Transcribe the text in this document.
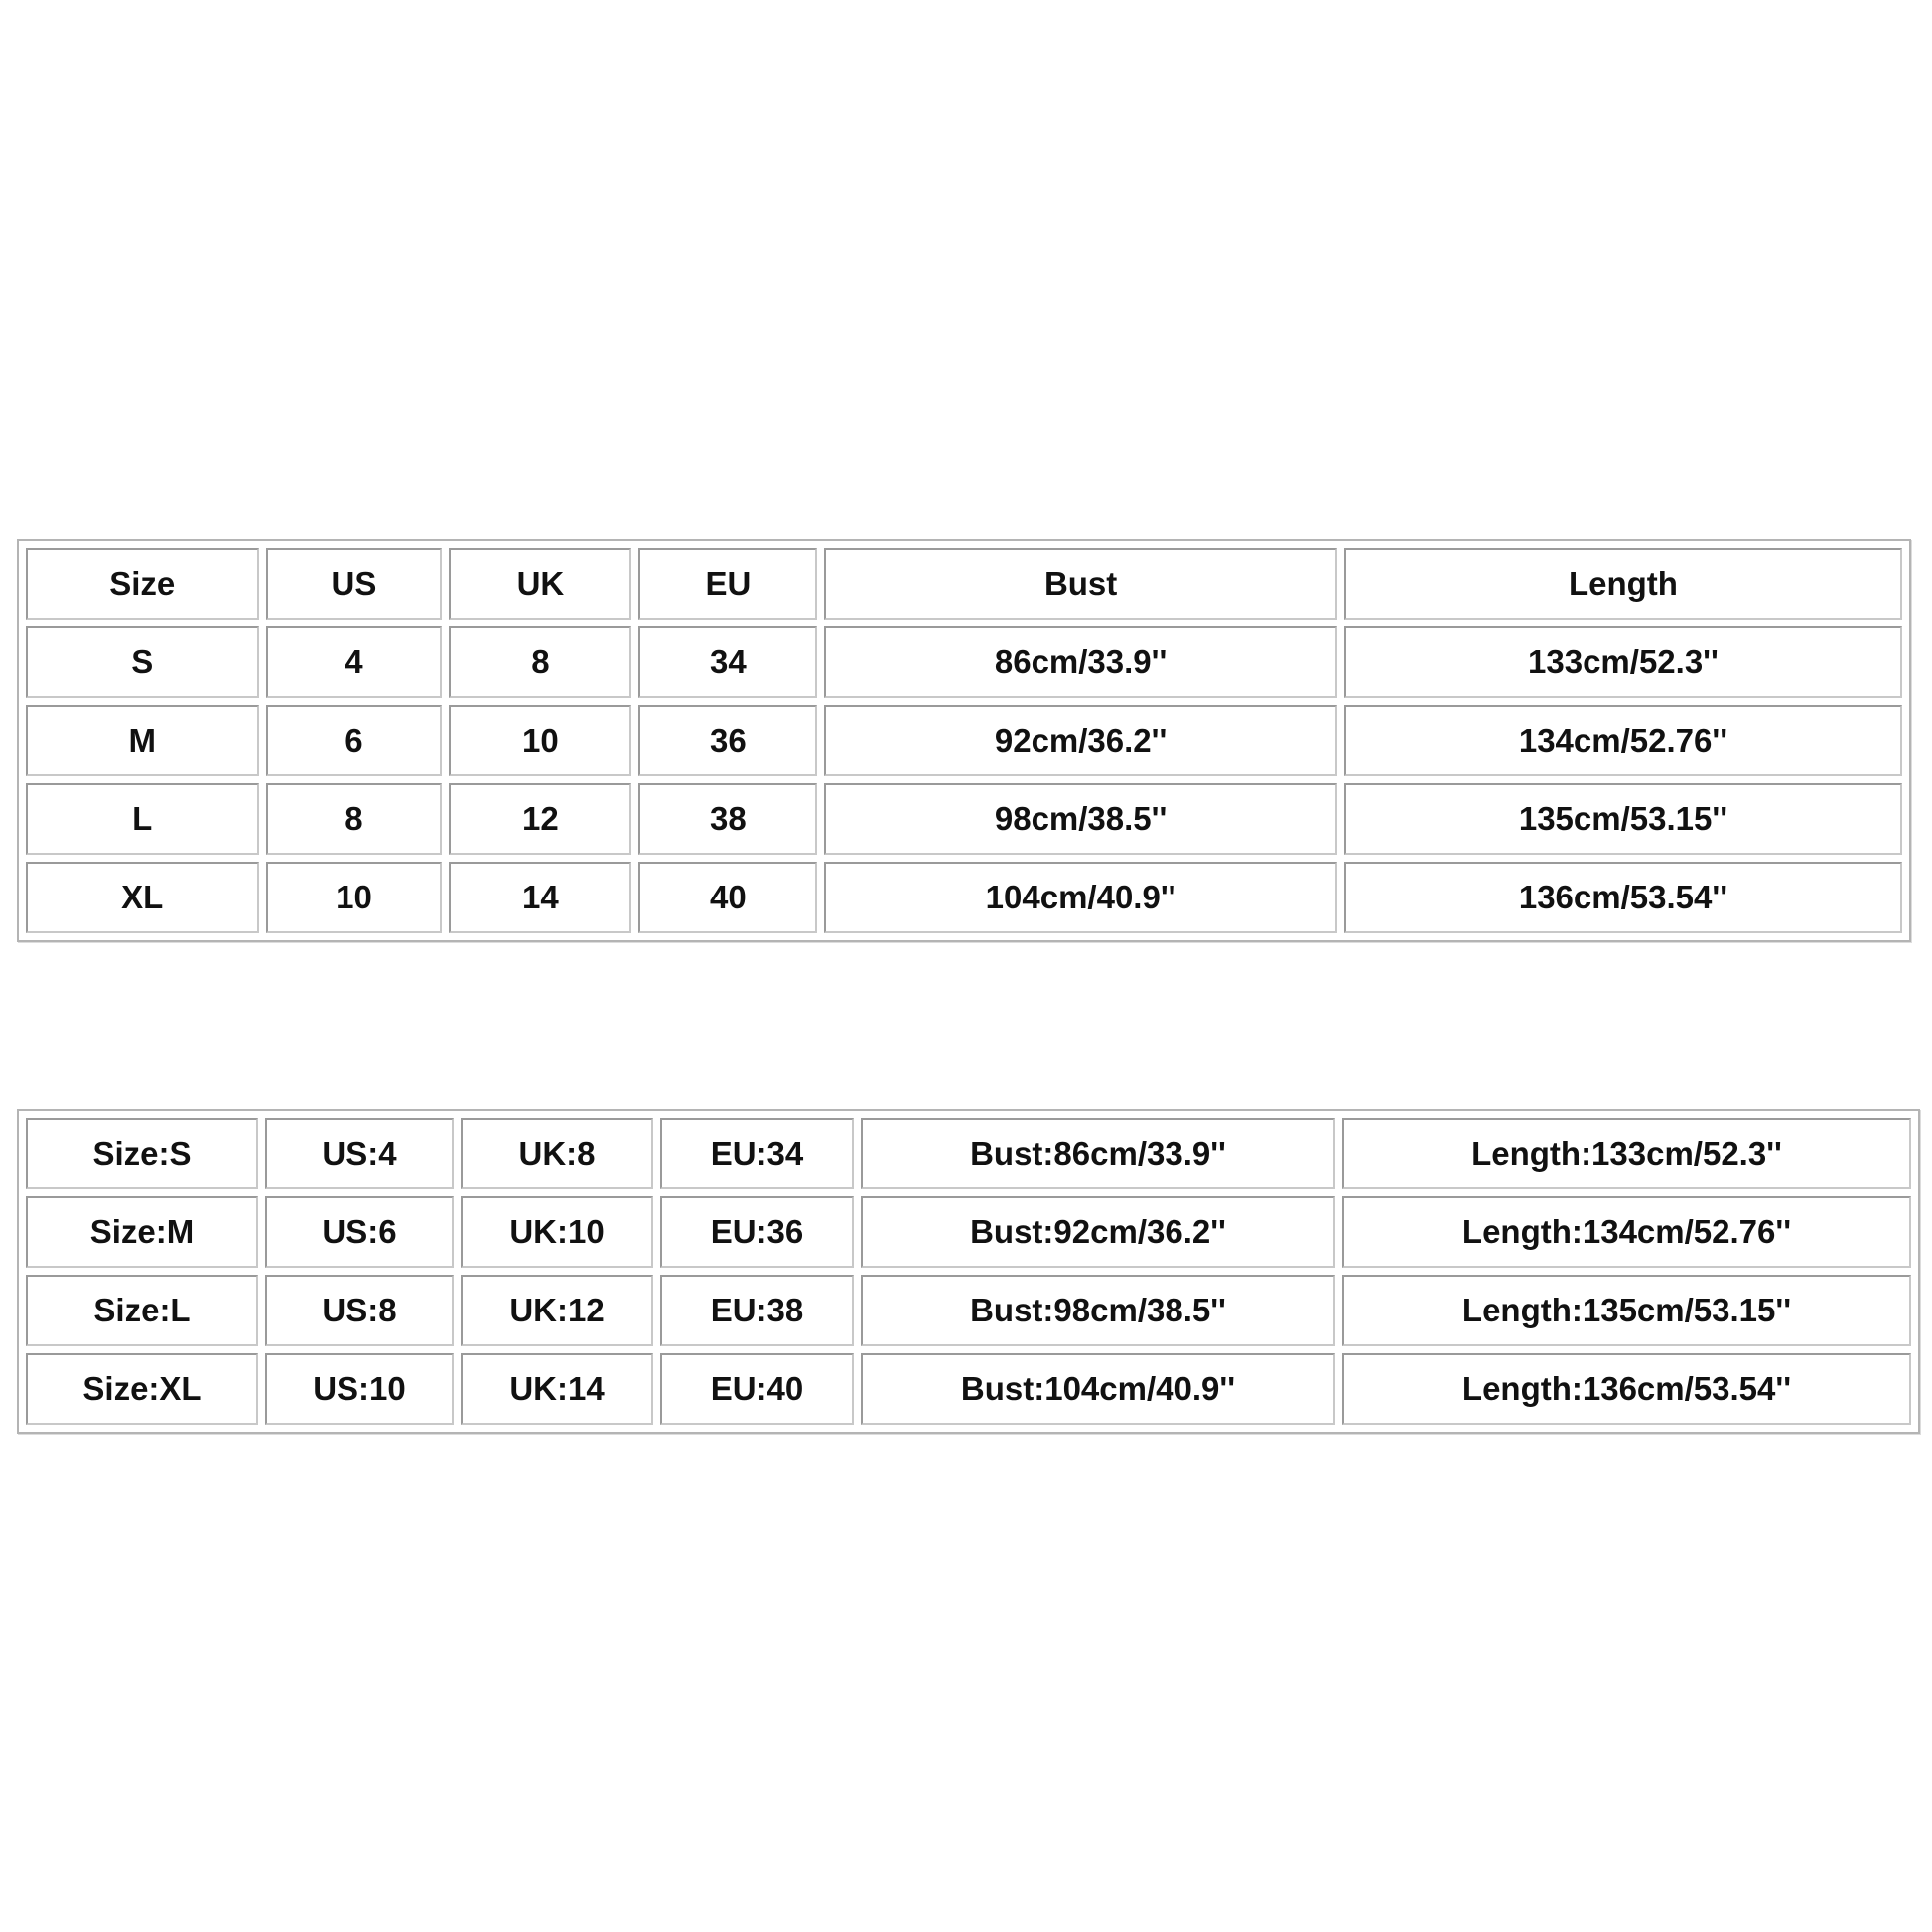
Size	US	UK	EU	Bust	Length
S	4	8	34	86cm/33.9''	133cm/52.3''
M	6	10	36	92cm/36.2''	134cm/52.76''
L	8	12	38	98cm/38.5''	135cm/53.15''
XL	10	14	40	104cm/40.9''	136cm/53.54''
Size:S	US:4	UK:8	EU:34	Bust:86cm/33.9''	Length:133cm/52.3''
Size:M	US:6	UK:10	EU:36	Bust:92cm/36.2''	Length:134cm/52.76''
Size:L	US:8	UK:12	EU:38	Bust:98cm/38.5''	Length:135cm/53.15''
Size:XL	US:10	UK:14	EU:40	Bust:104cm/40.9''	Length:136cm/53.54''
